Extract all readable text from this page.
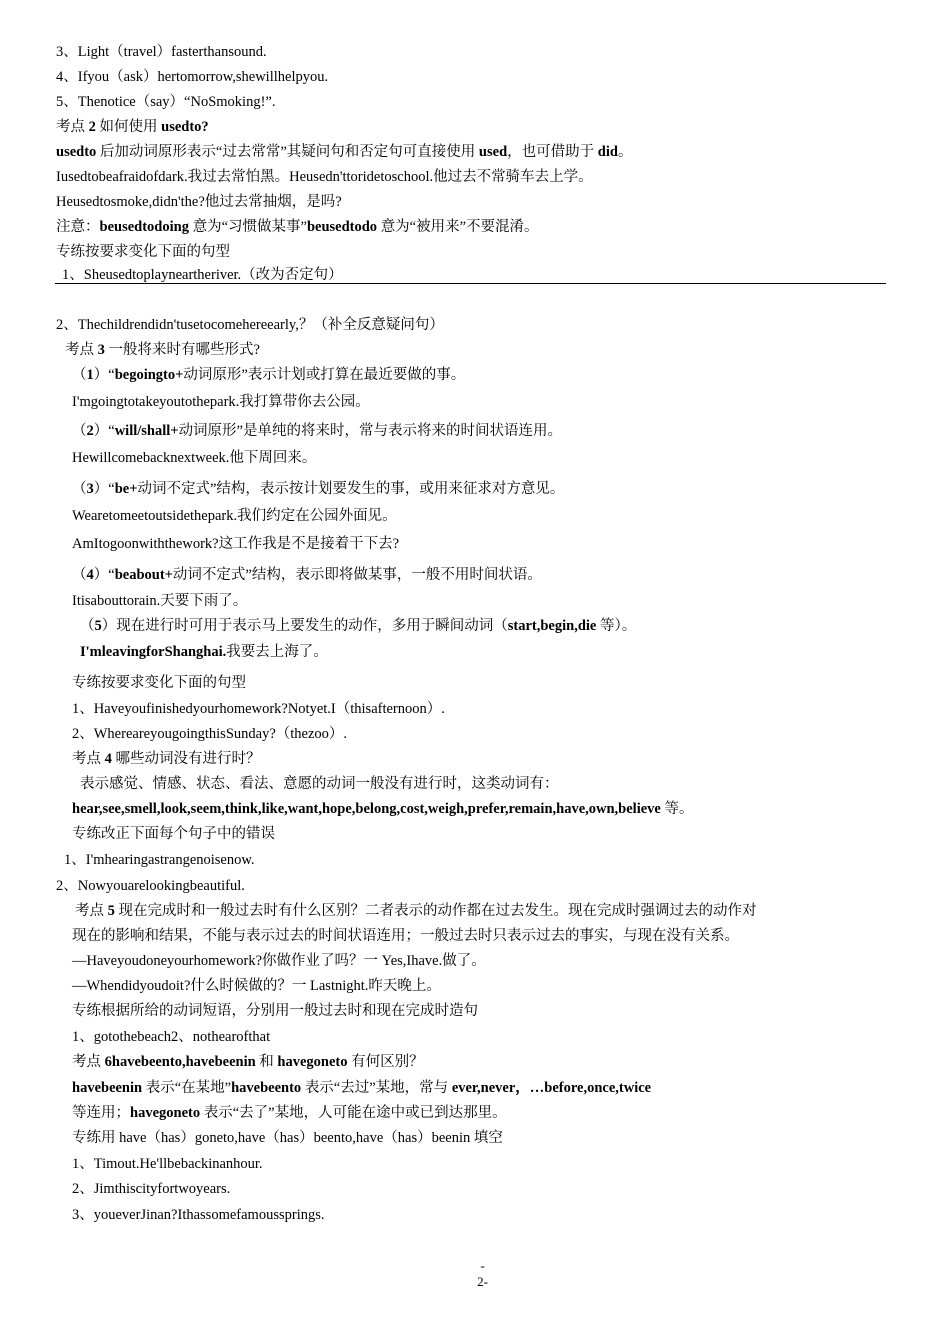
3、Light（travel）fasterthansound.
4、Ifyou（ask）hertomorrow,shewillhelpyou.
5、Thenotice（say）“NoSmoking!”.
考点 2 如何使用 usedto?
usedto 后加动词原形表示“过去常常”其疑问句和否定句可直接使用 used，也可借助于 did。
Iusedtobeafraidofdark.我过去常怕黑。Heusedn'ttoridetoschool.他过去不常骑车去上学。
Heusedtosmoke,didn'the?他过去常抽烟，是吗?
注意：beusedtodoing 意为“习惯做某事”beusedtodo 意为“被用来”不要混淆。
专练按要求变化下面的句型
1、Sheusedtoplayneartheriver.（改为否定句）
2、Thechildrendidn'tusetocomehereearly,？（补全反意疑问句）
考点 3 一般将来时有哪些形式?
（1）“begoingto+动词原形”表示计划或打算在最近要做的事。
I'mgoingtotakeyoutothepark.我打算带你去公园。
（2）“will/shall+动词原形”是单纯的将来时，常与表示将来的时间状语连用。
Hewillcomebacknextweek.他下周回来。
（3）“be+动词不定式”结构，表示按计划要发生的事，或用来征求对方意见。
Wearetomeetoutsidethepark.我们约定在公园外面见。
AmItogoonwiththework?这工作我是不是接着干下去?
（4）“beabout+动词不定式”结构，表示即将做某事，一般不用时间状语。
Itisabouttorain.天要下雨了。
（5）现在进行时可用于表示马上要发生的动作，多用于瞬间动词（start,begin,die 等）。
I'mleavingforShanghai.我要去上海了。
专练按要求变化下面的句型
1、Haveyoufinishedyourhomework?Notyet.I（thisafternoon）.
2、WhereareyougoingthisSunday?（thezoo）.
考点 4 哪些动词没有进行时？
表示感觉、情感、状态、看法、意愿的动词一般没有进行时，这类动词有：
hear,see,smell,look,seem,think,like,want,hope,belong,cost,weigh,prefer,remain,have,own,believe 等。
专练改正下面每个句子中的错误
1、I'mhearingastrangenoisenow.
2、Nowyouarelookingbeautiful.
考点 5 现在完成时和一般过去时有什么区别？二者表示的动作都在过去发生。现在完成时强调过去的动作对
现在的影响和结果，不能与表示过去的时间状语连用；一般过去时只表示过去的事实，与现在没有关系。
—Haveyoudoneyourhomework?你做作业了吗？一 Yes,Ihave.做了。
—Whendidyoudoit?什么时候做的？一 Lastnight.昨天晚上。
专练根据所给的动词短语，分别用一般过去时和现在完成时造句
1、gotothebeach2、nothearofthat
考点 6havebeento,havebeenin 和 havegoneto 有何区别？
havebeenin 表示“在某地”havebeento 表示“去过”某地，常与 ever,never，…before,once,twice
等连用；havegoneto 表示“去了”某地，人可能在途中或已到达那里。
专练用 have（has）goneto,have（has）beento,have（has）beenin 填空
1、Timout.He'llbebackinanhour.
2、Jimthiscityfortwoyears.
3、youeverJinan?Ithassomefamoussprings.
-
2-
